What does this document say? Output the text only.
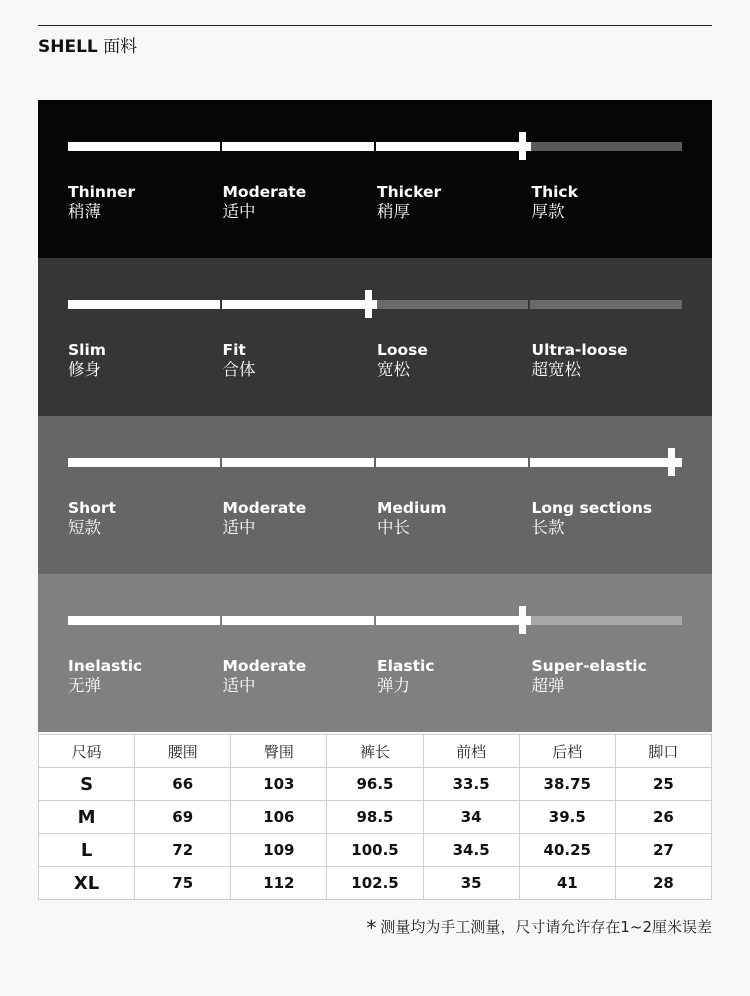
SHELL 面料
Thinner
稍薄
Moderate
适中
Thicker
稍厚
Thick
厚款
Slim
修身
Fit
合体
Loose
宽松
Ultra-loose
超宽松
Short
短款
Moderate
适中
Medium
中长
Long sections
长款
Inelastic
无弹
Moderate
适中
Elastic
弹力
Super-elastic
超弹
尺码	腰围	臀围	裤长	前档	后档	脚口
S	66	103	96.5	33.5	38.75	25
M	69	106	98.5	34	39.5	26
L	72	109	100.5	34.5	40.25	27
XL	75	112	102.5	35	41	28
* 测量均为手工测量，尺寸请允许存在1~2厘米误差
